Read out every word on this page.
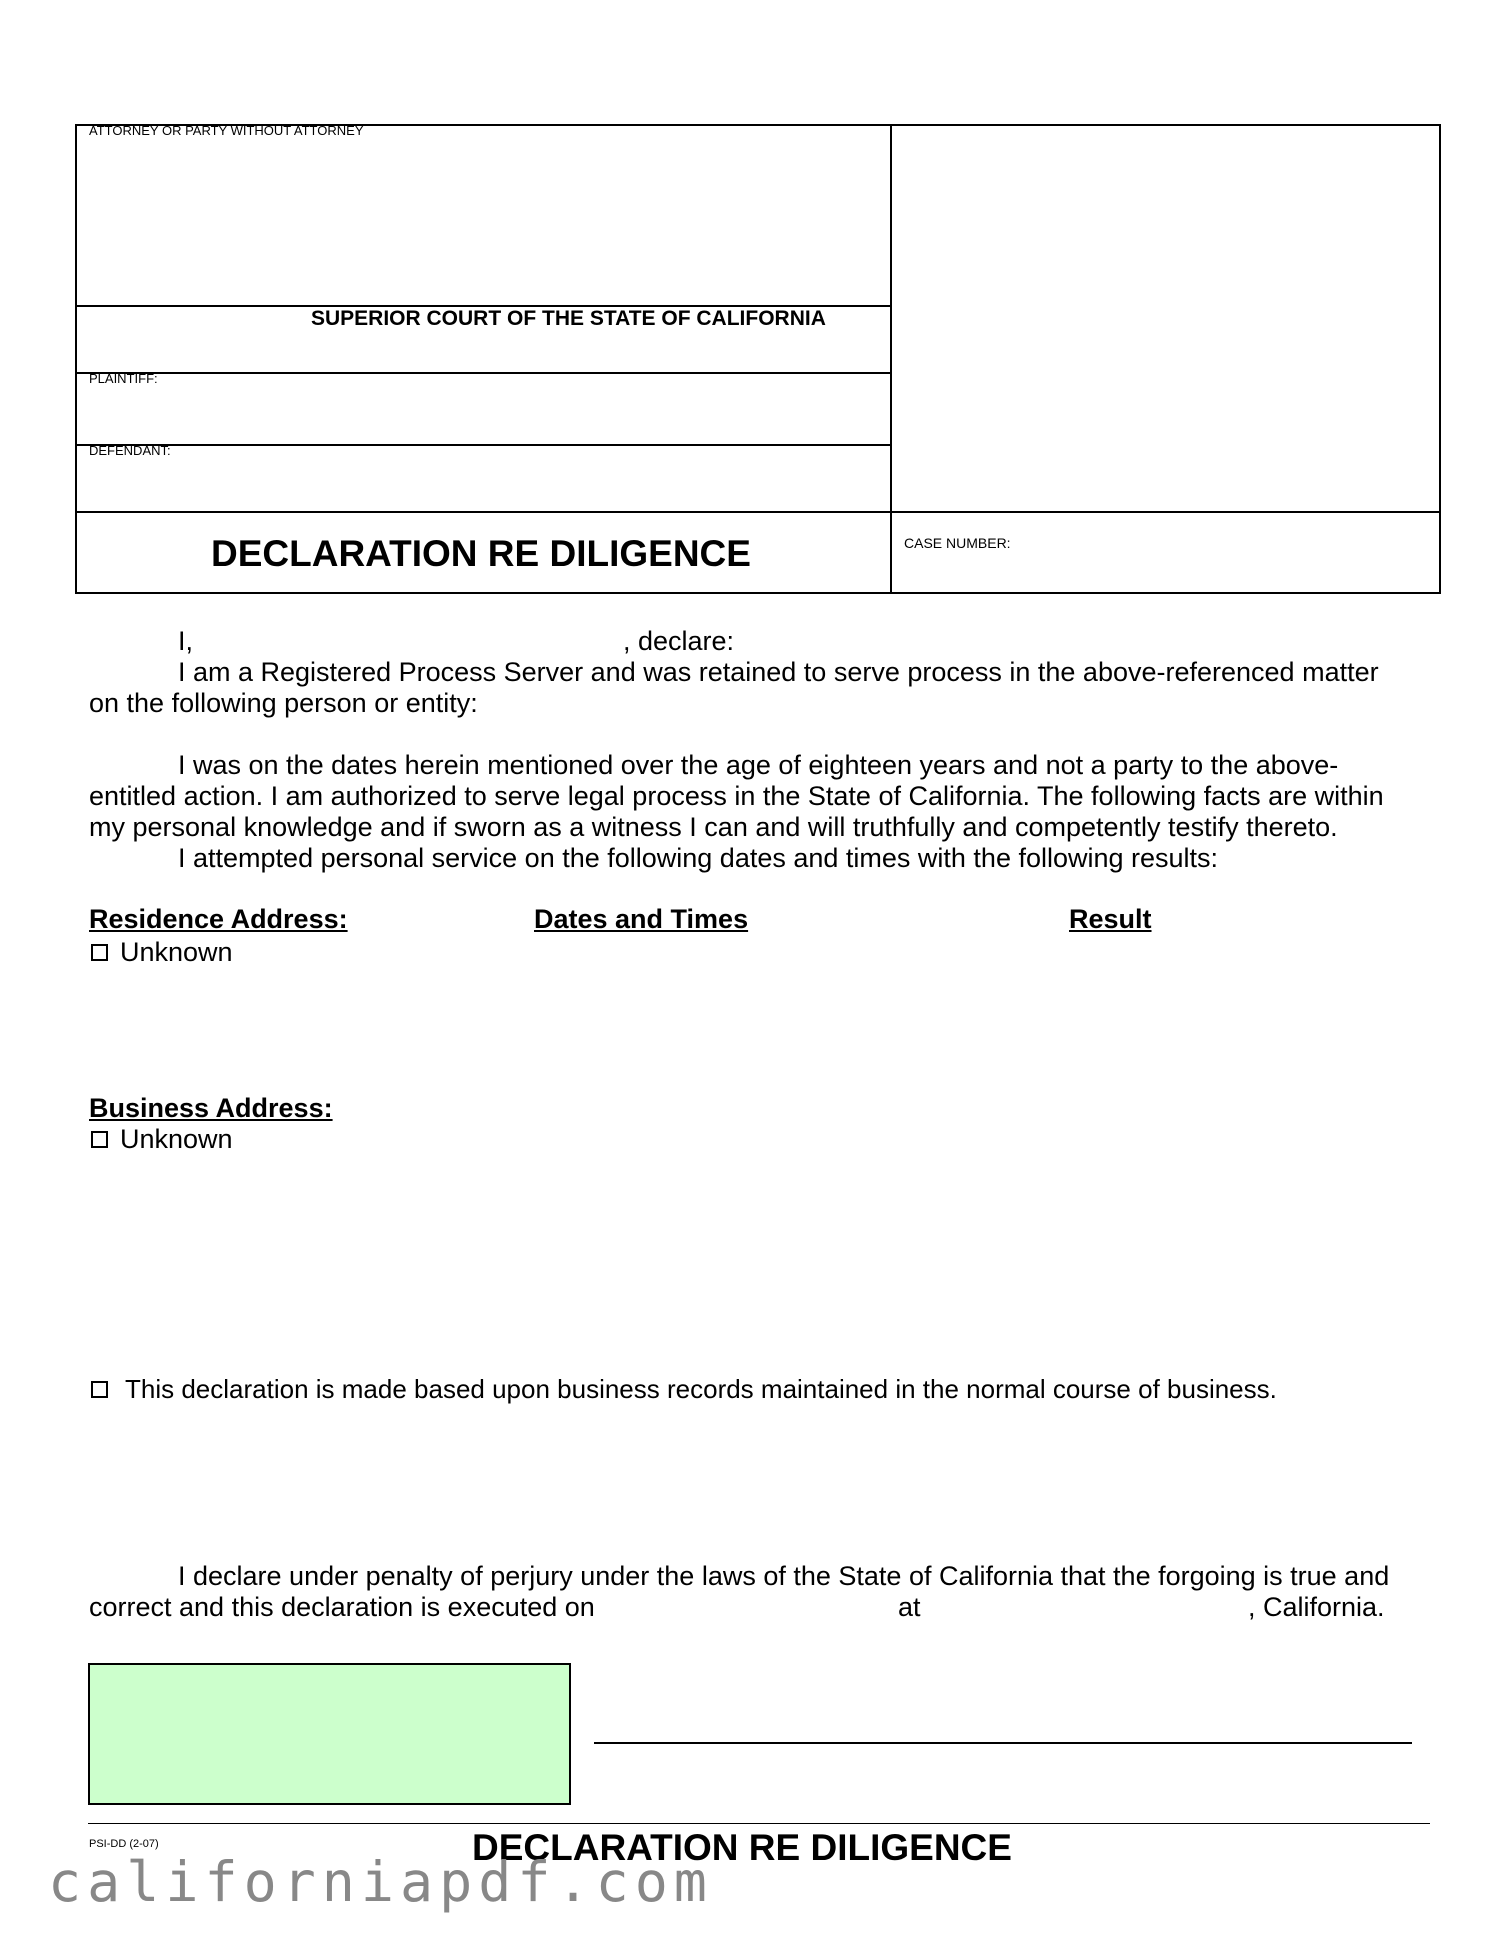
ATTORNEY OR PARTY WITHOUT ATTORNEY
SUPERIOR COURT OF THE STATE OF CALIFORNIA
PLAINTIFF:
DEFENDANT:
DECLARATION RE DILIGENCE	CASE NUMBER:
I,	, declare:
I am a Registered Process Server and was retained to serve process in the above-referenced matter
on the following person or entity:
I was on the dates herein mentioned over the age of eighteen years and not a party to the above-
entitled action. I am authorized to serve legal process in the State of California. The following facts are within
my personal knowledge and if sworn as a witness I can and will truthfully and competently testify thereto.
I attempted personal service on the following dates and times with the following results:
Residence Address:	Dates and Times	Result
Unknown
Business Address:
Unknown
This declaration is made based upon business records maintained in the normal course of business.
I declare under penalty of perjury under the laws of the State of California that the forgoing is true and
correct and this declaration is executed on	at	, California.
PSI-DD (2-07)	DECLARATION RE DILIGENCE
californiapdf.com
